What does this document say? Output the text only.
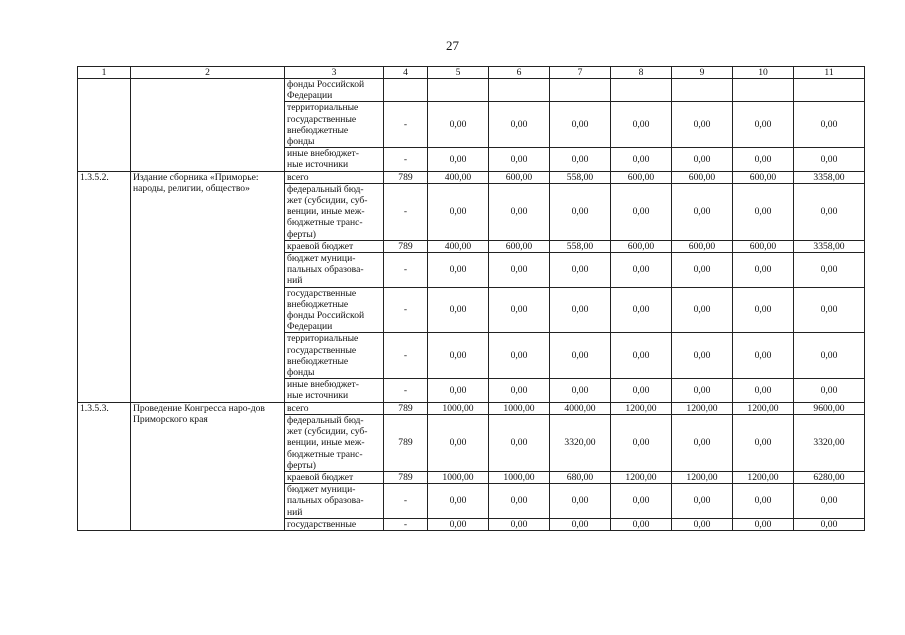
27
1	2	3	4	5	6	7	8	9	10	11

		фонды Российской
Федерации								

		территориальные
государственные
внебюджетные
фонды	-	0,00	0,00	0,00	0,00	0,00	0,00	0,00

		иные внебюджет-
ные источники	-	0,00	0,00	0,00	0,00	0,00	0,00	0,00
1.3.5.2.	Издание сборника «Приморье: народы, религии, общество»	всего	789	400,00	600,00	558,00	600,00	600,00	600,00	3358,00

		федеральный бюд-
жет (субсидии, суб-
венции, иные меж-
бюджетные транс-
ферты)	-	0,00	0,00	0,00	0,00	0,00	0,00	0,00

		краевой бюджет	789	400,00	600,00	558,00	600,00	600,00	600,00	3358,00

		бюджет муници-
пальных образова-
ний	-	0,00	0,00	0,00	0,00	0,00	0,00	0,00

		государственные
внебюджетные
фонды Российской
Федерации	-	0,00	0,00	0,00	0,00	0,00	0,00	0,00

		территориальные
государственные
внебюджетные
фонды	-	0,00	0,00	0,00	0,00	0,00	0,00	0,00

		иные внебюджет-
ные источники	-	0,00	0,00	0,00	0,00	0,00	0,00	0,00
1.3.5.3.	Проведение Конгресса наро-дов Приморского края	всего	789	1000,00	1000,00	4000,00	1200,00	1200,00	1200,00	9600,00

		федеральный бюд-
жет (субсидии, суб-
венции, иные меж-
бюджетные транс-
ферты)	789	0,00	0,00	3320,00	0,00	0,00	0,00	3320,00

		краевой бюджет	789	1000,00	1000,00	680,00	1200,00	1200,00	1200,00	6280,00

		бюджет муници-
пальных образова-
ний	-	0,00	0,00	0,00	0,00	0,00	0,00	0,00

		государственные	-	0,00	0,00	0,00	0,00	0,00	0,00	0,00
